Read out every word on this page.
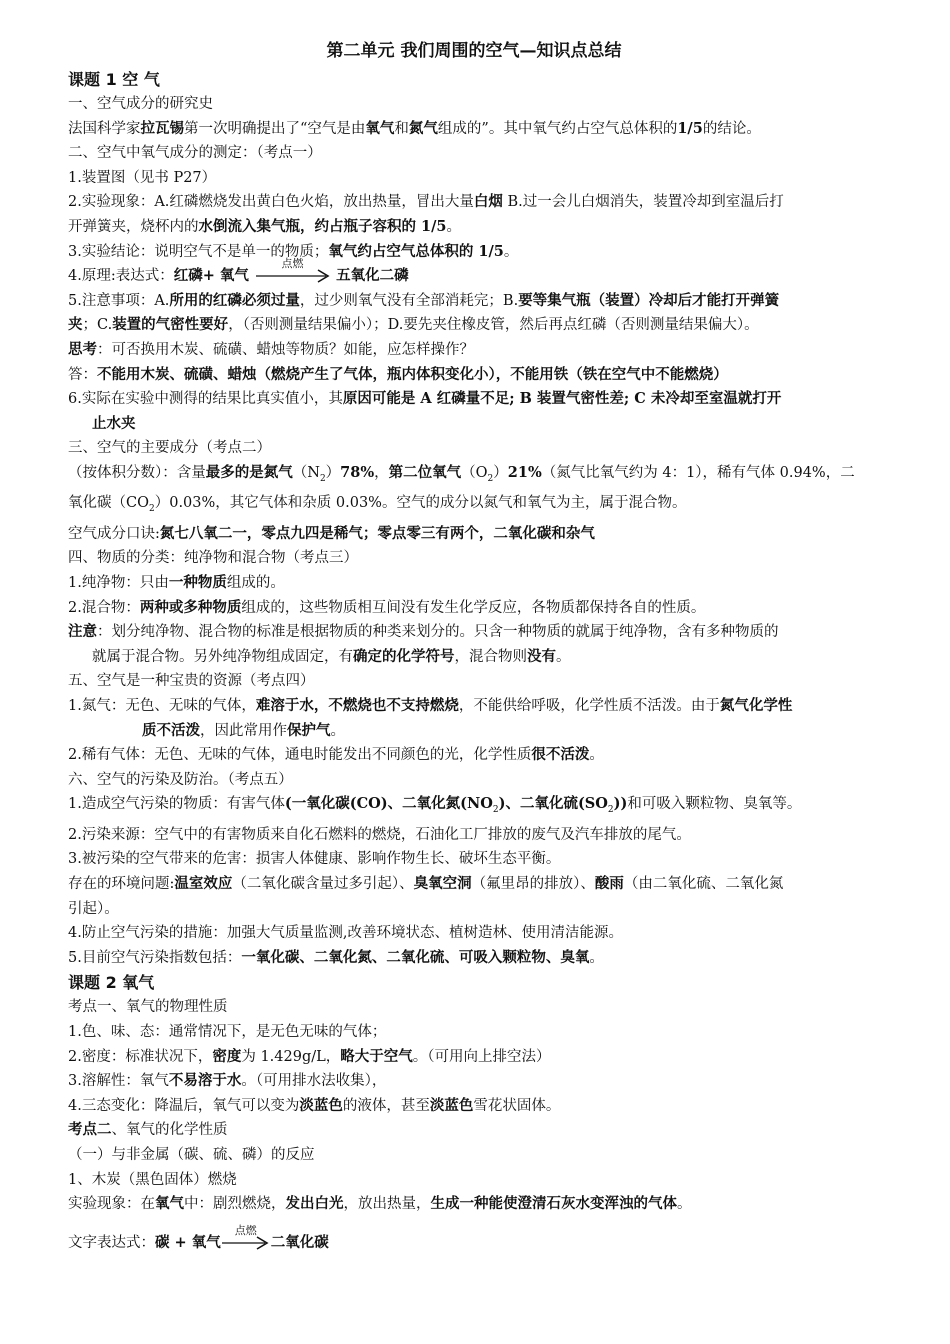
第二单元 我们周围的空气—知识点总结

课题 1 空 气

一、空气成分的研究史

法国科学家拉瓦锡第一次明确提出了“空气是由氧气和氮气组成的”。其中氧气约占空气总体积的1/5的结论。

二、空气中氧气成分的测定：（考点一）

1.装置图（见书 P27）

2.实验现象：A.红磷燃烧发出黄白色火焰，放出热量，冒出大量白烟 B.过一会儿白烟消失，装置冷却到室温后打

开弹簧夹，烧杯内的水倒流入集气瓶，约占瓶子容积的 1/5。

3.实验结论：说明空气不是单一的物质；氧气约占空气总体积的 1/5。

4.原理:表达式：红磷+ 氧气
点燃
五氧化二磷

5.注意事项：A.所用的红磷必须过量，过少则氧气没有全部消耗完；B.要等集气瓶（装置）冷却后才能打开弹簧

夹；C.装置的气密性要好，（否则测量结果偏小）；D.要先夹住橡皮管，然后再点红磷（否则测量结果偏大）。

思考：可否换用木炭、硫磺、蜡烛等物质？如能，应怎样操作？

答：不能用木炭、硫磺、蜡烛（燃烧产生了气体，瓶内体积变化小），不能用铁（铁在空气中不能燃烧）

6.实际在实验中测得的结果比真实值小，其原因可能是 A 红磷量不足; B 装置气密性差; C 未冷却至室温就打开

止水夹

三、空气的主要成分（考点二）

（按体积分数）：含量最多的是氮气$(N_2)78\%$，第二位氧气$(O_2)21\%$（氮气比氧气约为 4：1），稀有气体 0.94%，二

氧化碳$(CO_2)0.03\%$，其它气体和杂质 0.03%。空气的成分以氮气和氧气为主，属于混合物。

空气成分口诀:氮七八氧二一，零点九四是稀气；零点零三有两个，二氧化碳和杂气

四、物质的分类：纯净物和混合物（考点三）

1.纯净物：只由一种物质组成的。

2.混合物：两种或多种物质组成的，这些物质相互间没有发生化学反应，各物质都保持各自的性质。

注意：划分纯净物、混合物的标准是根据物质的种类来划分的。只含一种物质的就属于纯净物，含有多种物质的

就属于混合物。另外纯净物组成固定，有确定的化学符号，混合物则没有。

五、空气是一种宝贵的资源（考点四）

1.氮气：无色、无味的气体，难溶于水，不燃烧也不支持燃烧，不能供给呼吸，化学性质不活泼。由于氮气化学性

质不活泼，因此常用作保护气。

2.稀有气体：无色、无味的气体，通电时能发出不同颜色的光，化学性质很不活泼。

六、空气的污染及防治。（考点五）

1.造成空气污染的物质：有害气体(一氧化碳(CO)、二氧化氮$(NO_2)$、二氧化硫$(SO_2)$)和可吸入颗粒物、臭氧等。

2.污染来源：空气中的有害物质来自化石燃料的燃烧，石油化工厂排放的废气及汽车排放的尾气。

3.被污染的空气带来的危害：损害人体健康、影响作物生长、破坏生态平衡。

存在的环境问题:温室效应（二氧化碳含量过多引起）、臭氧空洞（氟里昂的排放）、酸雨（由二氧化硫、二氧化氮

引起）。

4.防止空气污染的措施：加强大气质量监测,改善环境状态、植树造林、使用清洁能源。

5.目前空气污染指数包括：一氧化碳、二氧化氮、二氧化硫、可吸入颗粒物、臭氧。

课题 2 氧气

考点一、氧气的物理性质

1.色、味、态：通常情况下，是无色无味的气体；

2.密度：标准状况下，密度为 1.429g/L，略大于空气。（可用向上排空法）

3.溶解性：氧气不易溶于水。（可用排水法收集），

4.三态变化：降温后，氧气可以变为淡蓝色的液体，甚至淡蓝色雪花状固体。

考点二、氧气的化学性质

（一）与非金属（碳、硫、磷）的反应

1、木炭（黑色固体）燃烧

实验现象：在氧气中：剧烈燃烧，发出白光，放出热量，生成一种能使澄清石灰水变浑浊的气体。

文字表达式：碳 + 氧气
点燃
二氧化碳
